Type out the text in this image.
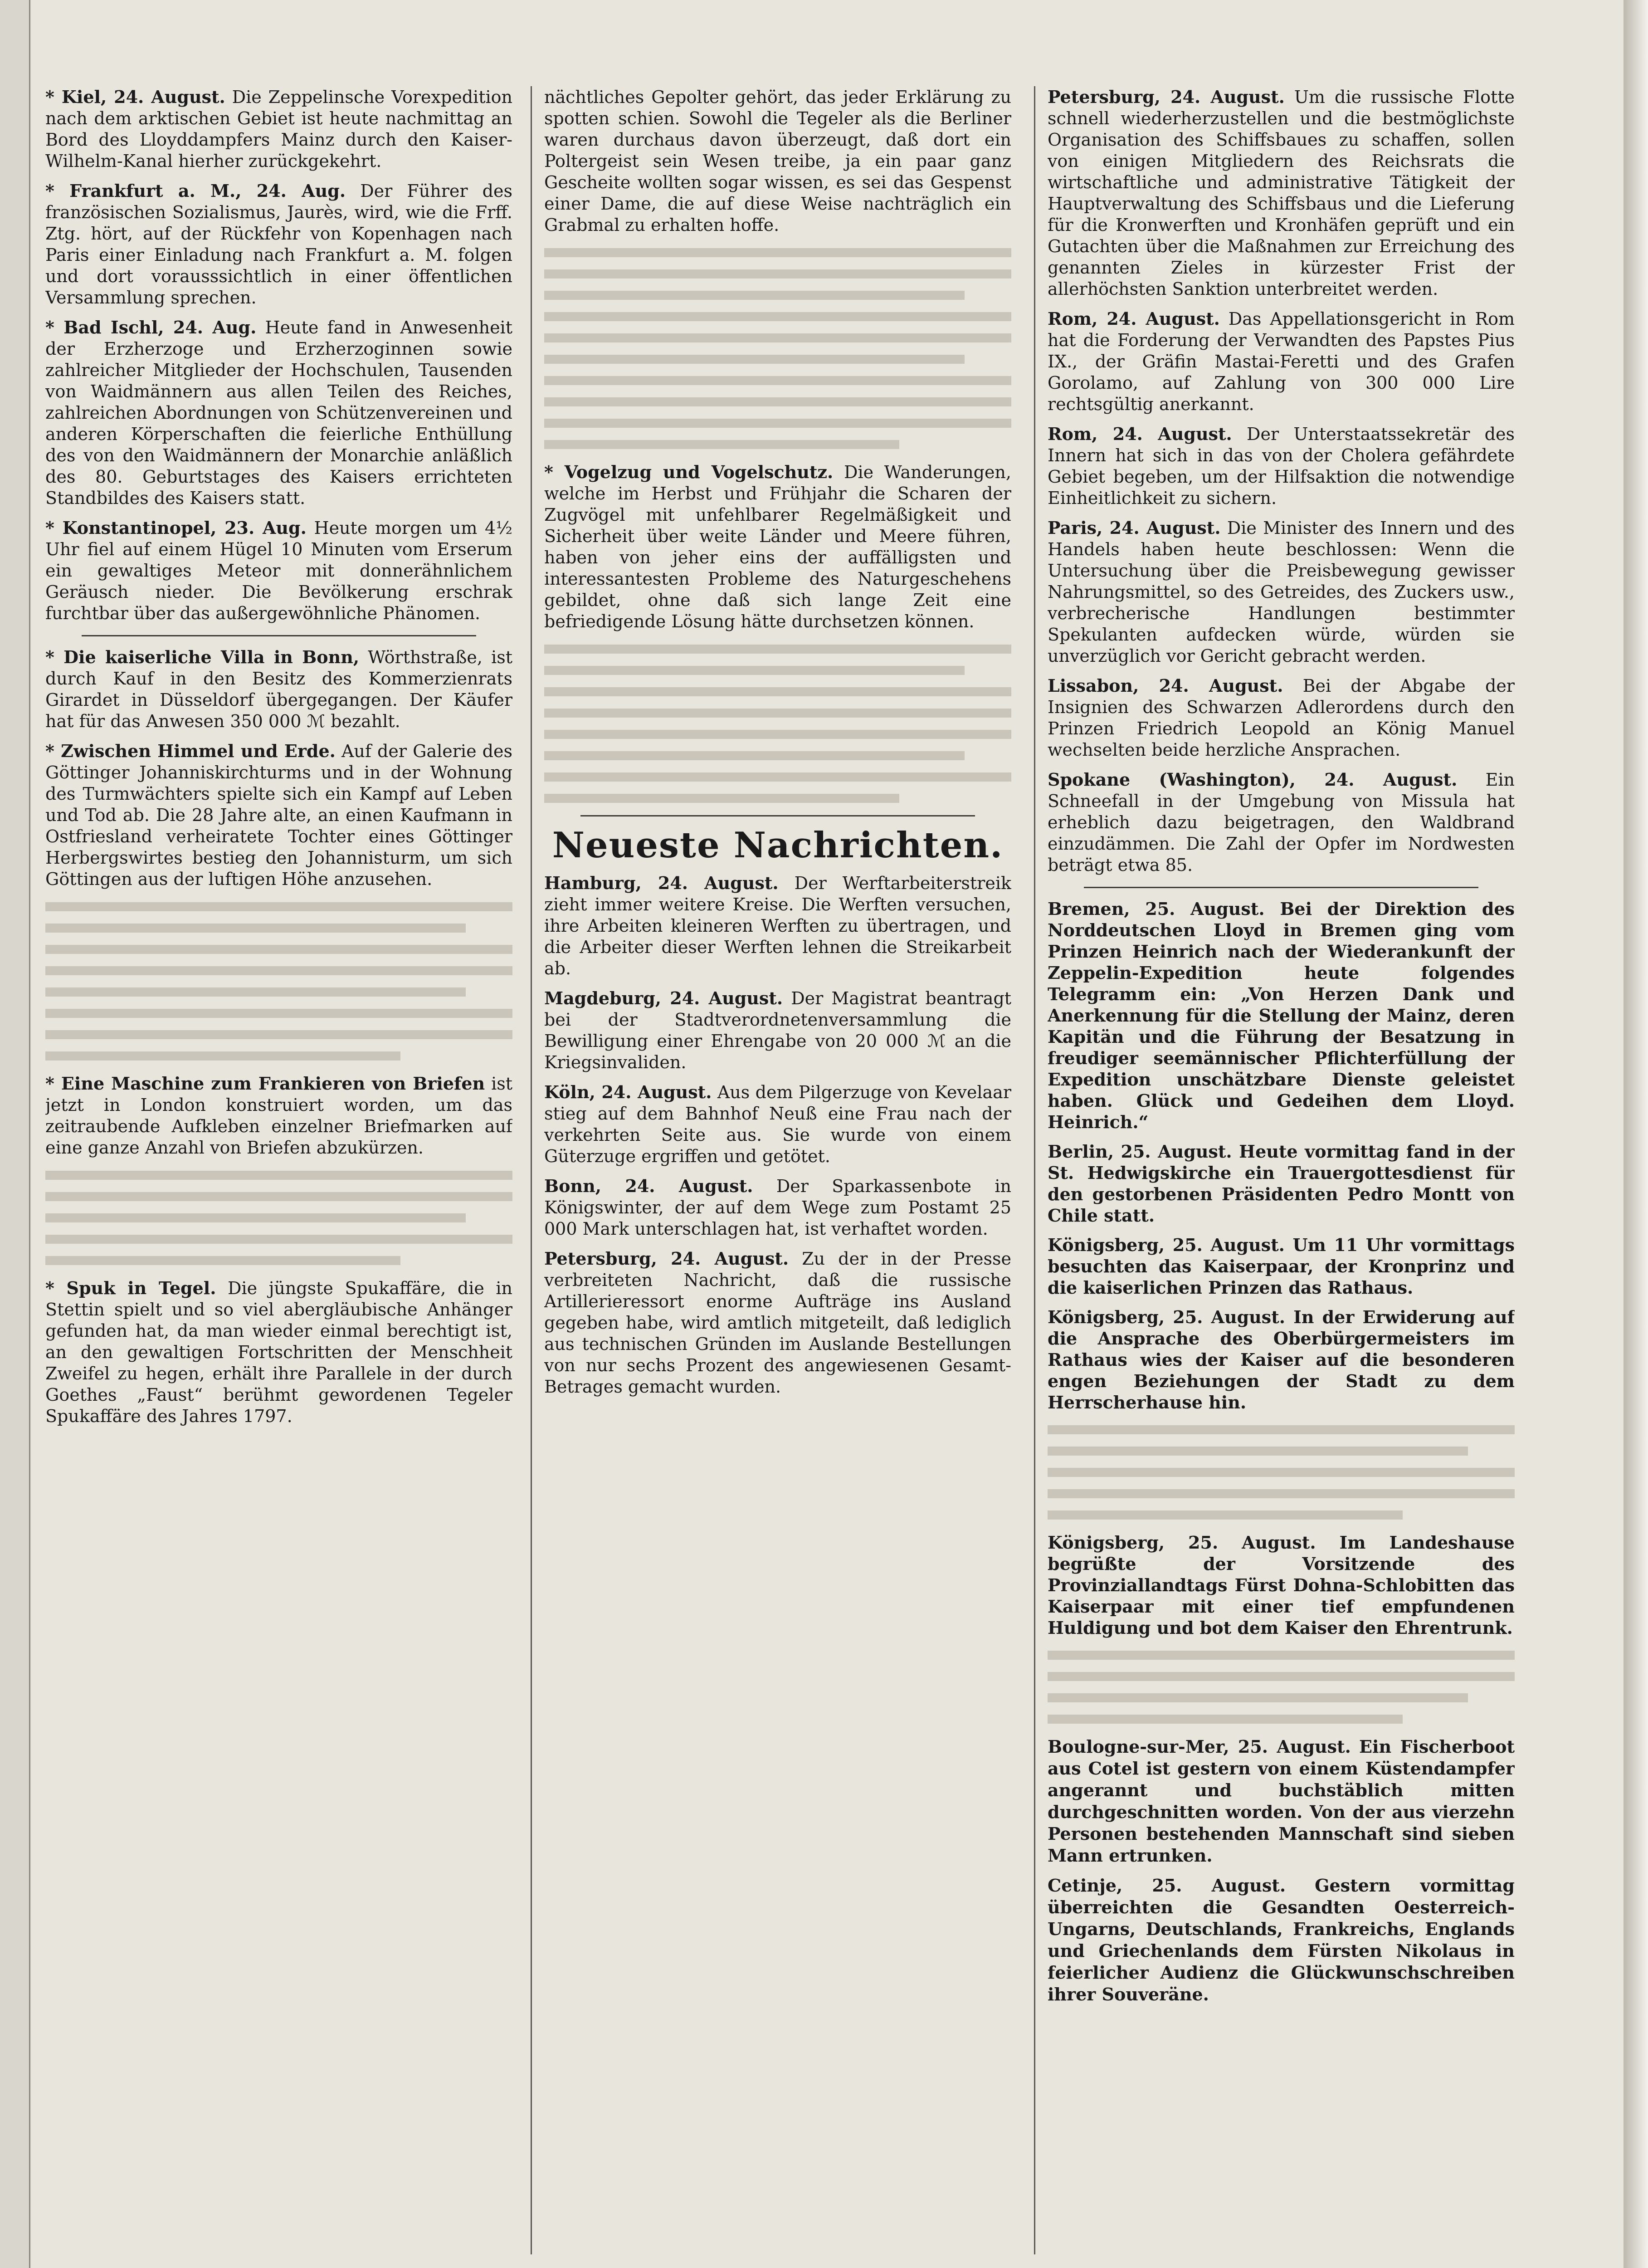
* Kiel, 24. August. Die Zeppelinsche Vorexpedition nach dem arktischen Gebiet ist heute nachmittag an Bord des Lloyddampfers Mainz durch den Kaiser-Wilhelm-Kanal hierher zurückgekehrt.

* Frankfurt a. M., 24. Aug. Der Führer des französischen Sozialismus, Jaurès, wird, wie die Frff. Ztg. hört, auf der Rückfehr von Kopenhagen nach Paris einer Einladung nach Frankfurt a. M. folgen und dort vorausssichtlich in einer öffentlichen Versammlung sprechen.

* Bad Ischl, 24. Aug. Heute fand in Anwesenheit der Erzherzoge und Erzherzoginnen sowie zahlreicher Mitglieder der Hochschulen, Tausenden von Waidmännern aus allen Teilen des Reiches, zahlreichen Abordnungen von Schützenvereinen und anderen Körperschaften die feierliche Enthüllung des von den Waidmännern der Monarchie anläßlich des 80. Geburtstages des Kaisers errichteten Standbildes des Kaisers statt.

* Konstantinopel, 23. Aug. Heute morgen um 4½ Uhr fiel auf einem Hügel 10 Minuten vom Erserum ein gewaltiges Meteor mit donnerähnlichem Geräusch nieder. Die Bevölkerung erschrak furchtbar über das außergewöhnliche Phänomen.

* Die kaiserliche Villa in Bonn, Wörthstraße, ist durch Kauf in den Besitz des Kommerzienrats Girardet in Düsseldorf übergegangen. Der Käufer hat für das Anwesen 350 000 ℳ bezahlt.

* Zwischen Himmel und Erde. Auf der Galerie des Göttinger Johanniskirchturms und in der Wohnung des Turmwächters spielte sich ein Kampf auf Leben und Tod ab. Die 28 Jahre alte, an einen Kaufmann in Ostfriesland verheiratete Tochter eines Göttinger Herbergswirtes bestieg den Johannisturm, um sich Göttingen aus der luftigen Höhe anzusehen.

* Eine Maschine zum Frankieren von Briefen ist jetzt in London konstruiert worden, um das zeitraubende Aufkleben einzelner Briefmarken auf eine ganze Anzahl von Briefen abzukürzen.

* Spuk in Tegel. Die jüngste Spukaffäre, die in Stettin spielt und so viel abergläubische Anhänger gefunden hat, da man wieder einmal berechtigt ist, an den gewaltigen Fortschritten der Menschheit Zweifel zu hegen, erhält ihre Parallele in der durch Goethes „Faust“ berühmt gewordenen Tegeler Spukaffäre des Jahres 1797.

nächtliches Gepolter gehört, das jeder Erklärung zu spotten schien. Sowohl die Tegeler als die Berliner waren durchaus davon überzeugt, daß dort ein Poltergeist sein Wesen treibe, ja ein paar ganz Gescheite wollten sogar wissen, es sei das Gespenst einer Dame, die auf diese Weise nachträglich ein Grabmal zu erhalten hoffe.

* Vogelzug und Vogelschutz. Die Wanderungen, welche im Herbst und Frühjahr die Scharen der Zugvögel mit unfehlbarer Regelmäßigkeit und Sicherheit über weite Länder und Meere führen, haben von jeher eins der auffälligsten und interessantesten Probleme des Naturgeschehens gebildet, ohne daß sich lange Zeit eine befriedigende Lösung hätte durchsetzen können.

Neueste Nachrichten.

Hamburg, 24. August. Der Werftarbeiterstreik zieht immer weitere Kreise. Die Werften versuchen, ihre Arbeiten kleineren Werften zu übertragen, und die Arbeiter dieser Werften lehnen die Streikarbeit ab.

Magdeburg, 24. August. Der Magistrat beantragt bei der Stadtverordnetenversammlung die Bewilligung einer Ehrengabe von 20 000 ℳ an die Kriegsinvaliden.

Köln, 24. August. Aus dem Pilgerzuge von Kevelaar stieg auf dem Bahnhof Neuß eine Frau nach der verkehrten Seite aus. Sie wurde von einem Güterzuge ergriffen und getötet.

Bonn, 24. August. Der Sparkassenbote in Königswinter, der auf dem Wege zum Postamt 25 000 Mark unterschlagen hat, ist verhaftet worden.

Petersburg, 24. August. Zu der in der Presse verbreiteten Nachricht, daß die russische Artillerieressort enorme Aufträge ins Ausland gegeben habe, wird amtlich mitgeteilt, daß lediglich aus technischen Gründen im Auslande Bestellungen von nur sechs Prozent des angewiesenen Gesamt-Betrages gemacht wurden.

Petersburg, 24. August. Um die russische Flotte schnell wiederherzustellen und die bestmöglichste Organisation des Schiffsbaues zu schaffen, sollen von einigen Mitgliedern des Reichsrats die wirtschaftliche und administrative Tätigkeit der Hauptverwaltung des Schiffsbaus und die Lieferung für die Kronwerften und Kronhäfen geprüft und ein Gutachten über die Maßnahmen zur Erreichung des genannten Zieles in kürzester Frist der allerhöchsten Sanktion unterbreitet werden.

Rom, 24. August. Das Appellationsgericht in Rom hat die Forderung der Verwandten des Papstes Pius IX., der Gräfin Mastai-Feretti und des Grafen Gorolamo, auf Zahlung von 300 000 Lire rechtsgültig anerkannt.

Rom, 24. August. Der Unterstaatssekretär des Innern hat sich in das von der Cholera gefährdete Gebiet begeben, um der Hilfsaktion die notwendige Einheitlichkeit zu sichern.

Paris, 24. August. Die Minister des Innern und des Handels haben heute beschlossen: Wenn die Untersuchung über die Preisbewegung gewisser Nahrungsmittel, so des Getreides, des Zuckers usw., verbrecherische Handlungen bestimmter Spekulanten aufdecken würde, würden sie unverzüglich vor Gericht gebracht werden.

Lissabon, 24. August. Bei der Abgabe der Insignien des Schwarzen Adlerordens durch den Prinzen Friedrich Leopold an König Manuel wechselten beide herzliche Ansprachen.

Spokane (Washington), 24. August. Ein Schneefall in der Umgebung von Missula hat erheblich dazu beigetragen, den Waldbrand einzudämmen. Die Zahl der Opfer im Nordwesten beträgt etwa 85.

Bremen, 25. August. Bei der Direktion des Norddeutschen Lloyd in Bremen ging vom Prinzen Heinrich nach der Wiederankunft der Zeppelin-Expedition heute folgendes Telegramm ein: „Von Herzen Dank und Anerkennung für die Stellung der Mainz, deren Kapitän und die Führung der Besatzung in freudiger seemännischer Pflichterfüllung der Expedition unschätzbare Dienste geleistet haben. Glück und Gedeihen dem Lloyd. Heinrich.“

Berlin, 25. August. Heute vormittag fand in der St. Hedwigskirche ein Trauergottesdienst für den gestorbenen Präsidenten Pedro Montt von Chile statt.

Königsberg, 25. August. Um 11 Uhr vormittags besuchten das Kaiserpaar, der Kronprinz und die kaiserlichen Prinzen das Rathaus.

Königsberg, 25. August. In der Erwiderung auf die Ansprache des Oberbürgermeisters im Rathaus wies der Kaiser auf die besonderen engen Beziehungen der Stadt zu dem Herrscherhause hin.

Königsberg, 25. August. Im Landeshause begrüßte der Vorsitzende des Provinziallandtags Fürst Dohna-Schlobitten das Kaiserpaar mit einer tief empfundenen Huldigung und bot dem Kaiser den Ehrentrunk.

Boulogne-sur-Mer, 25. August. Ein Fischerboot aus Cotel ist gestern von einem Küstendampfer angerannt und buchstäblich mitten durchgeschnitten worden. Von der aus vierzehn Personen bestehenden Mannschaft sind sieben Mann ertrunken.

Cetinje, 25. August. Gestern vormittag überreichten die Gesandten Oesterreich-Ungarns, Deutschlands, Frankreichs, Englands und Griechenlands dem Fürsten Nikolaus in feierlicher Audienz die Glückwunschschreiben ihrer Souveräne.
